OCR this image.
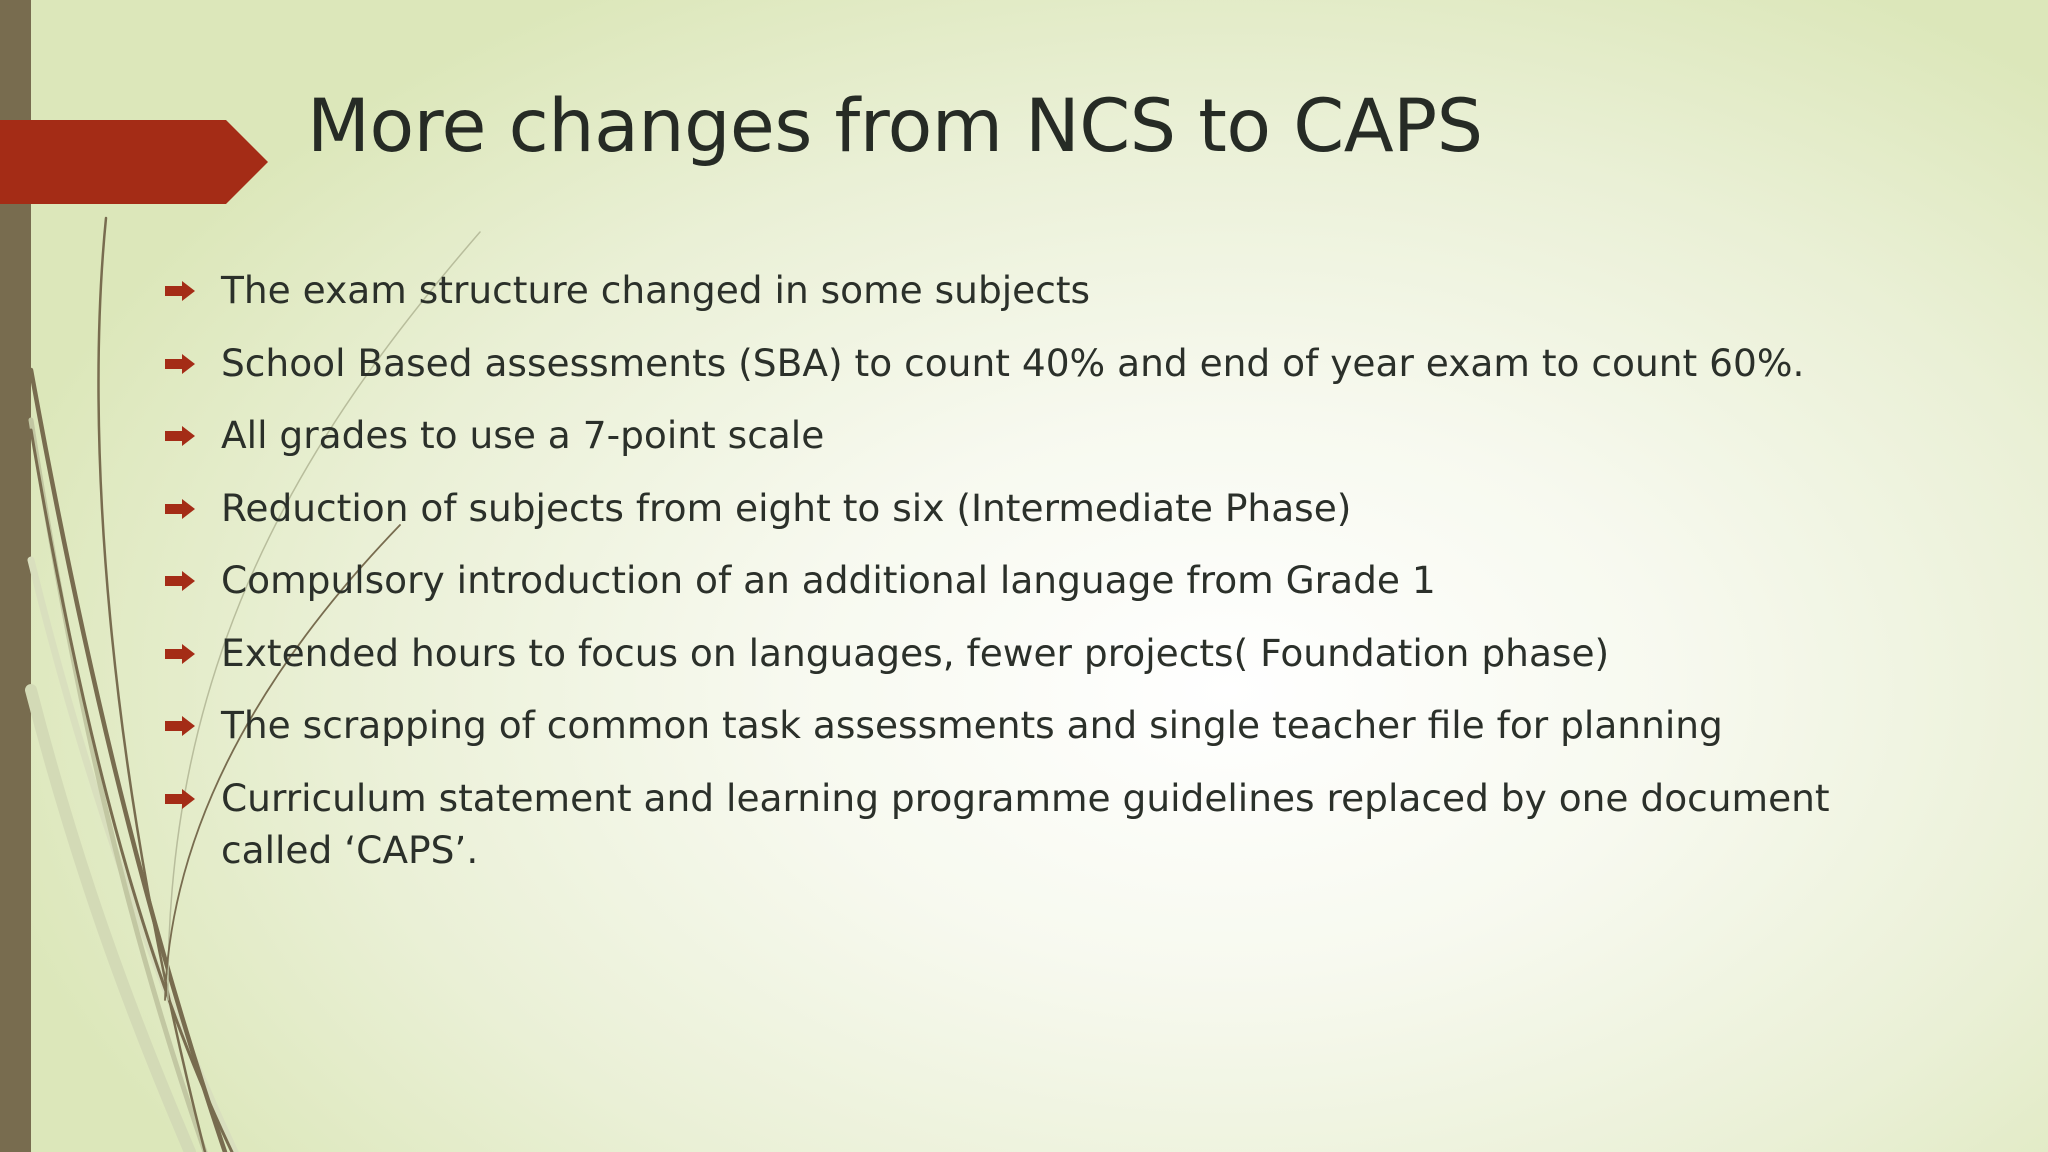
More changes from NCS to CAPS
The exam structure changed in some subjects
School Based assessments (SBA) to count 40% and end of year exam to count 60%.
All grades to use a 7-point scale
Reduction of subjects from eight to six (Intermediate Phase)
Compulsory introduction of an additional language from Grade 1
Extended hours to focus on languages, fewer projects( Foundation phase)
The scrapping of common task assessments and single teacher file for planning
Curriculum statement and learning programme guidelines replaced by one document called ‘CAPS’.
